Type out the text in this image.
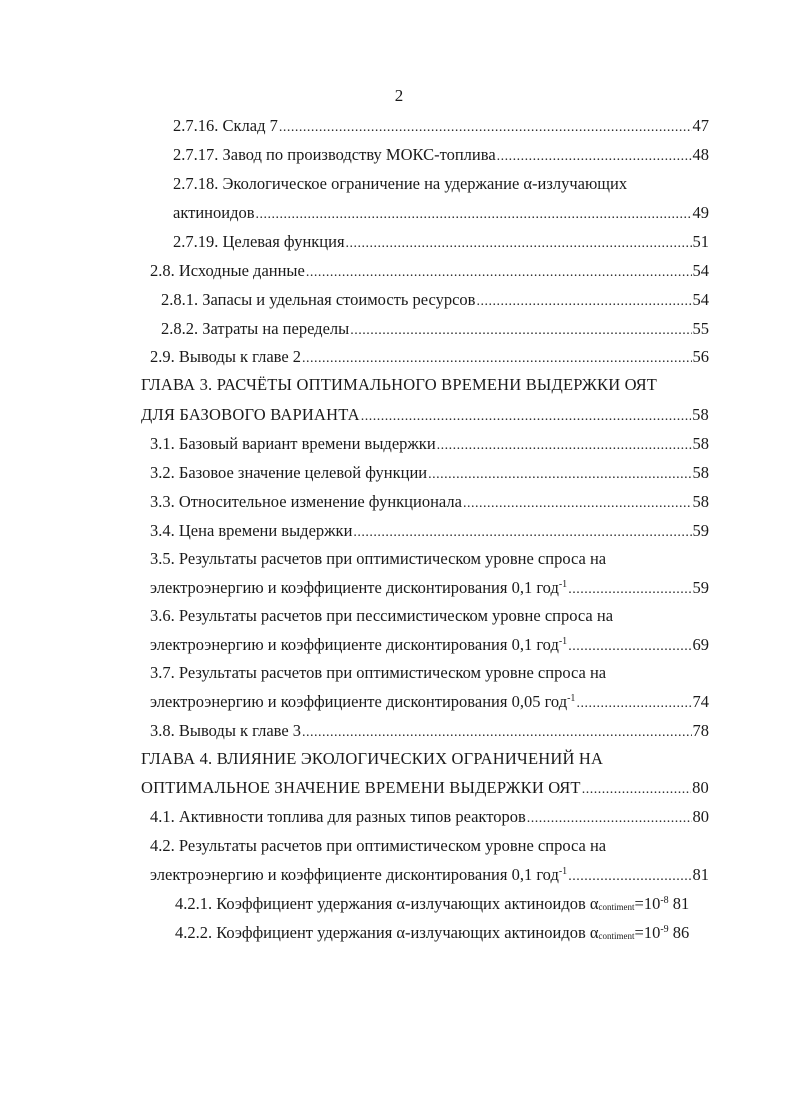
2
2.7.16. Склад 7 . . .	47
2.7.17. Завод по производству МОКС-топлива . . .	48
2.7.18. Экологическое ограничение на удержание α-излучающих
актиноидов . . .	49
2.7.19. Целевая функция . . .	51
2.8. Исходные данные . . .	54
2.8.1. Запасы и удельная стоимость ресурсов . . .	54
2.8.2. Затраты на переделы . . .	55
2.9. Выводы к главе 2 . . .	56
ГЛАВА 3. РАСЧЁТЫ ОПТИМАЛЬНОГО ВРЕМЕНИ ВЫДЕРЖКИ ОЯТ
ДЛЯ БАЗОВОГО ВАРИАНТА . . .	58
3.1. Базовый вариант времени выдержки . . .	58
3.2. Базовое значение целевой функции . . .	58
3.3. Относительное изменение функционала . . .	58
3.4. Цена времени выдержки . . .	59
3.5. Результаты расчетов при оптимистическом уровне спроса на
электроэнергию и коэффициенте дисконтирования 0,1 год$^{-1}$ . . .	59
3.6. Результаты расчетов при пессимистическом уровне спроса на
электроэнергию и коэффициенте дисконтирования 0,1 год$^{-1}$ . . .	69
3.7. Результаты расчетов при оптимистическом уровне спроса на
электроэнергию и коэффициенте дисконтирования 0,05 год$^{-1}$ . . .	74
3.8. Выводы к главе 3 . . .	78
ГЛАВА 4. ВЛИЯНИЕ ЭКОЛОГИЧЕСКИХ ОГРАНИЧЕНИЙ НА
ОПТИМАЛЬНОЕ ЗНАЧЕНИЕ ВРЕМЕНИ ВЫДЕРЖКИ ОЯТ . . .	80
4.1. Активности топлива для разных типов реакторов . . .	80
4.2. Результаты расчетов при оптимистическом уровне спроса на
электроэнергию и коэффициенте дисконтирования 0,1 год$^{-1}$ . . .	81
4.2.1. Коэффициент удержания α-излучающих актиноидов $\alpha_{contiment}=10^{-8}$ 81
4.2.2. Коэффициент удержания α-излучающих актиноидов $\alpha_{contiment}=10^{-9}$ 86
